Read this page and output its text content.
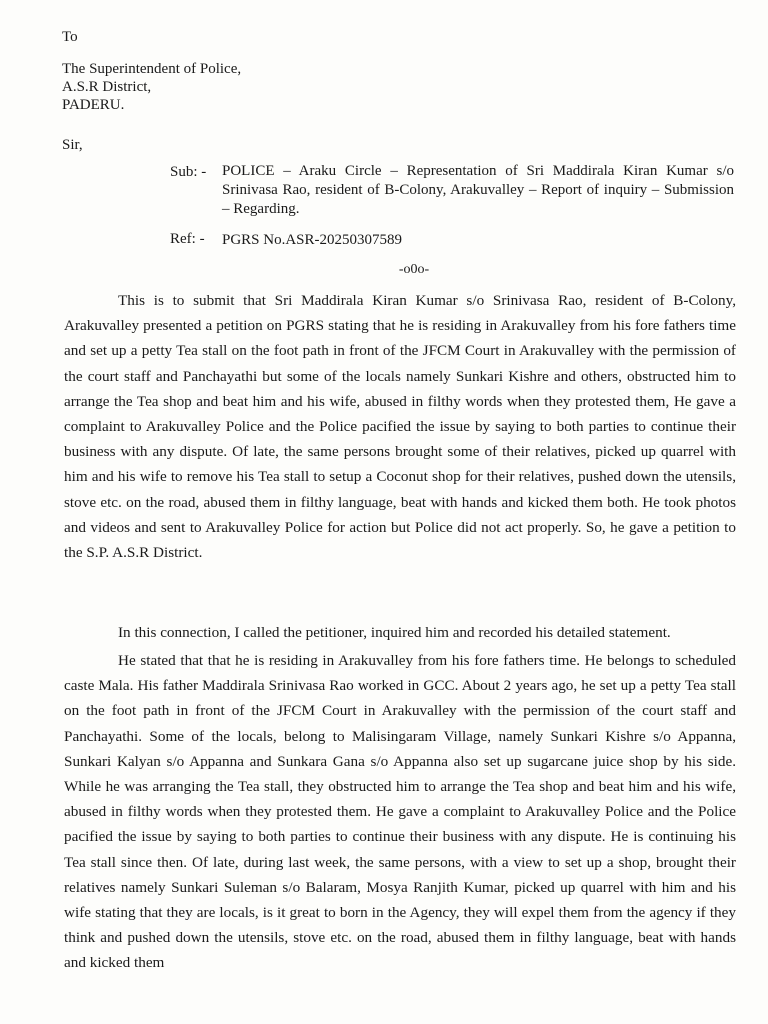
To
The Superintendent of Police,
A.S.R District,
PADERU.
Sir,
Sub: - POLICE – Araku Circle – Representation of Sri Maddirala Kiran Kumar s/o Srinivasa Rao, resident of B-Colony, Arakuvalley – Report of inquiry – Submission – Regarding.
Ref: - PGRS No.ASR-20250307589
-o0o-
This is to submit that Sri Maddirala Kiran Kumar s/o Srinivasa Rao, resident of B-Colony, Arakuvalley presented a petition on PGRS stating that he is residing in Arakuvalley from his fore fathers time and set up a petty Tea stall on the foot path in front of the JFCM Court in Arakuvalley with the permission of the court staff and Panchayathi but some of the locals namely Sunkari Kishre and others, obstructed him to arrange the Tea shop and beat him and his wife, abused in filthy words when they protested them, He gave a complaint to Arakuvalley Police and the Police pacified the issue by saying to both parties to continue their business with any dispute. Of late, the same persons brought some of their relatives, picked up quarrel with him and his wife to remove his Tea stall to setup a Coconut shop for their relatives, pushed down the utensils, stove etc. on the road, abused them in filthy language, beat with hands and kicked them both. He took photos and videos and sent to Arakuvalley Police for action but Police did not act properly. So, he gave a petition to the S.P. A.S.R District.
In this connection, I called the petitioner, inquired him and recorded his detailed statement.
He stated that that he is residing in Arakuvalley from his fore fathers time. He belongs to scheduled caste Mala. His father Maddirala Srinivasa Rao worked in GCC. About 2 years ago, he set up a petty Tea stall on the foot path in front of the JFCM Court in Arakuvalley with the permission of the court staff and Panchayathi. Some of the locals, belong to Malisingaram Village, namely Sunkari Kishre s/o Appanna, Sunkari Kalyan s/o Appanna and Sunkara Gana s/o Appanna also set up sugarcane juice shop by his side. While he was arranging the Tea stall, they obstructed him to arrange the Tea shop and beat him and his wife, abused in filthy words when they protested them. He gave a complaint to Arakuvalley Police and the Police pacified the issue by saying to both parties to continue their business with any dispute. He is continuing his Tea stall since then. Of late, during last week, the same persons, with a view to set up a shop, brought their relatives namely Sunkari Suleman s/o Balaram, Mosya Ranjith Kumar, picked up quarrel with him and his wife stating that they are locals, is it great to born in the Agency, they will expel them from the agency if they think and pushed down the utensils, stove etc. on the road, abused them in filthy language, beat with hands and kicked them
